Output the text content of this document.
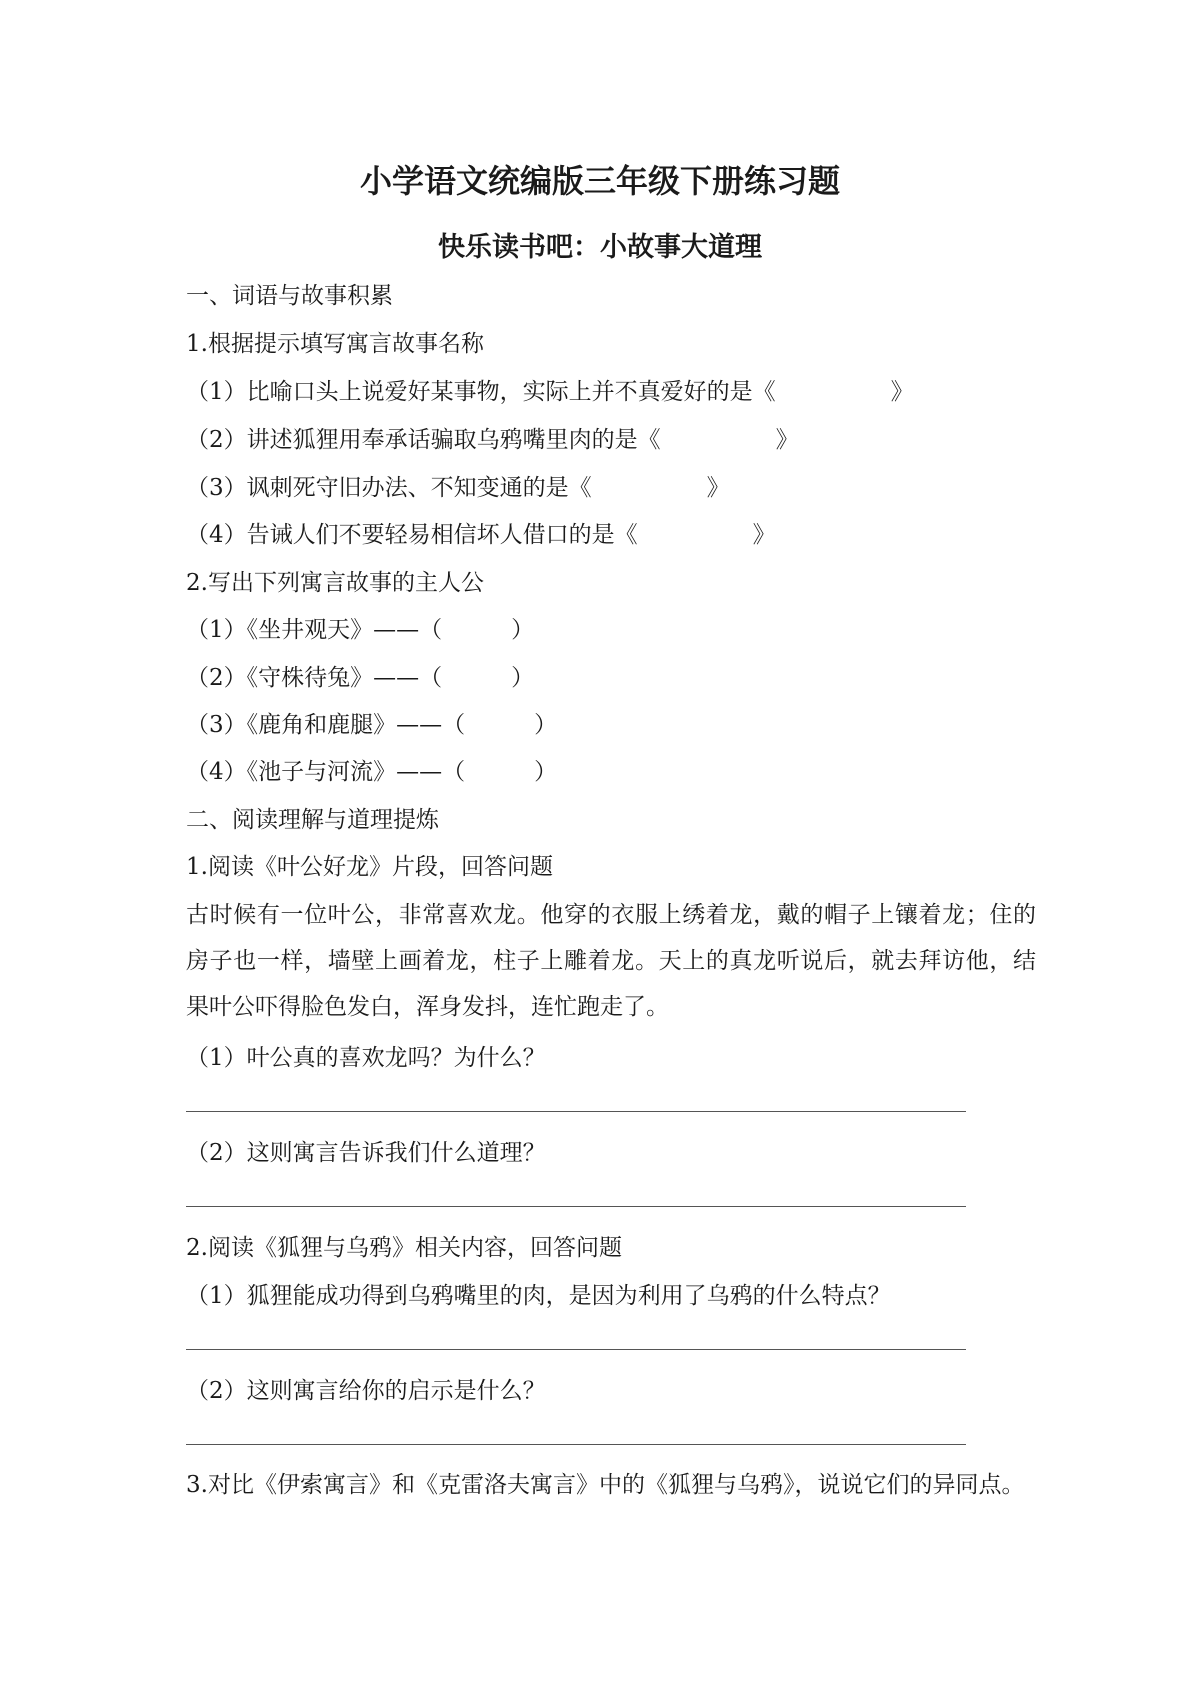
小学语文统编版三年级下册练习题
快乐读书吧：小故事大道理
一、词语与故事积累
1.根据提示填写寓言故事名称
（1）比喻口头上说爱好某事物，实际上并不真爱好的是《　　　　　》
（2）讲述狐狸用奉承话骗取乌鸦嘴里肉的是《　　　　　》
（3）讽刺死守旧办法、不知变通的是《　　　　　》
（4）告诫人们不要轻易相信坏人借口的是《　　　　　》
2.写出下列寓言故事的主人公
（1）《坐井观天》——（　　　）
（2）《守株待兔》——（　　　）
（3）《鹿角和鹿腿》——（　　　）
（4）《池子与河流》——（　　　）
二、阅读理解与道理提炼
1.阅读《叶公好龙》片段，回答问题
古时候有一位叶公，非常喜欢龙。他穿的衣服上绣着龙，戴的帽子上镶着龙；住的房子也一样，墙壁上画着龙，柱子上雕着龙。天上的真龙听说后，就去拜访他，结果叶公吓得脸色发白，浑身发抖，连忙跑走了。
（1）叶公真的喜欢龙吗？为什么？
（2）这则寓言告诉我们什么道理？
2.阅读《狐狸与乌鸦》相关内容，回答问题
（1）狐狸能成功得到乌鸦嘴里的肉，是因为利用了乌鸦的什么特点？
（2）这则寓言给你的启示是什么？
3.对比《伊索寓言》和《克雷洛夫寓言》中的《狐狸与乌鸦》，说说它们的异同点。
